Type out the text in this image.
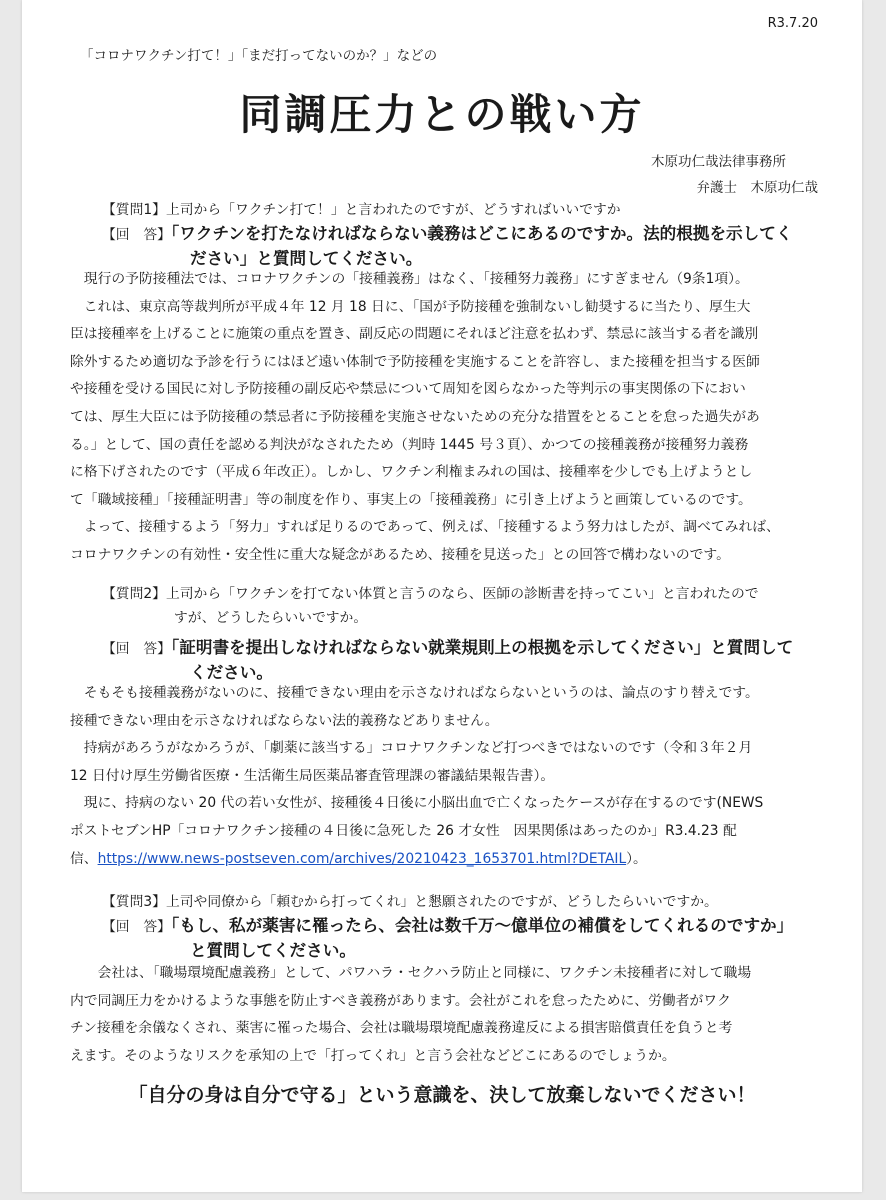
R3.7.20
「コロナワクチン打て！」「まだ打ってないのか？」などの
同調圧力との戦い方
木原功仁哉法律事務所
弁護士　木原功仁哉
【質問1】上司から「ワクチン打て！」と言われたのですが、どうすればいいですか
【回　答】「ワクチンを打たなければならない義務はどこにあるのですか。法的根拠を示してく
ださい」と質問してください。

　現行の予防接種法では、コロナワクチンの「接種義務」はなく、「接種努力義務」にすぎません（9条1項）。

　これは、東京高等裁判所が平成４年 12 月 18 日に、「国が予防接種を強制ないし勧奨するに当たり、厚生大

臣は接種率を上げることに施策の重点を置き、副反応の問題にそれほど注意を払わず、禁忌に該当する者を識別

除外するため適切な予診を行うにはほど遠い体制で予防接種を実施することを許容し、また接種を担当する医師

や接種を受ける国民に対し予防接種の副反応や禁忌について周知を図らなかった等判示の事実関係の下におい

ては、厚生大臣には予防接種の禁忌者に予防接種を実施させないための充分な措置をとることを怠った過失があ

る。」として、国の責任を認める判決がなされたため（判時 1445 号３頁）、かつての接種義務が接種努力義務

に格下げされたのです（平成６年改正）。しかし、ワクチン利権まみれの国は、接種率を少しでも上げようとし

て「職域接種」「接種証明書」等の制度を作り、事実上の「接種義務」に引き上げようと画策しているのです。

　よって、接種するよう「努力」すれば足りるのであって、例えば、「接種するよう努力はしたが、調べてみれば、

コロナワクチンの有効性・安全性に重大な疑念があるため、接種を見送った」との回答で構わないのです。

【質問2】上司から「ワクチンを打てない体質と言うのなら、医師の診断書を持ってこい」と言われたので
すが、どうしたらいいですか。
【回　答】「証明書を提出しなければならない就業規則上の根拠を示してください」と質問して
ください。

　そもそも接種義務がないのに、接種できない理由を示さなければならないというのは、論点のすり替えです。

接種できない理由を示さなければならない法的義務などありません。

　持病があろうがなかろうが、「劇薬に該当する」コロナワクチンなど打つべきではないのです（令和３年２月

12 日付け厚生労働省医療・生活衛生局医薬品審査管理課の審議結果報告書）。

　現に、持病のない 20 代の若い女性が、接種後４日後に小脳出血で亡くなったケースが存在するのです(NEWS

ポストセブンHP「コロナワクチン接種の４日後に急死した 26 才女性　因果関係はあったのか」R3.4.23 配

信、https://www.news-postseven.com/archives/20210423_1653701.html?DETAIL）。

【質問3】上司や同僚から「頼むから打ってくれ」と懇願されたのですが、どうしたらいいですか。
【回　答】「もし、私が薬害に罹ったら、会社は数千万～億単位の補償をしてくれるのですか」
と質問してください。

　　会社は、「職場環境配慮義務」として、パワハラ・セクハラ防止と同様に、ワクチン未接種者に対して職場

内で同調圧力をかけるような事態を防止すべき義務があります。会社がこれを怠ったために、労働者がワク

チン接種を余儀なくされ、薬害に罹った場合、会社は職場環境配慮義務違反による損害賠償責任を負うと考

えます。そのようなリスクを承知の上で「打ってくれ」と言う会社などどこにあるのでしょうか。

「自分の身は自分で守る」という意識を、決して放棄しないでください！
